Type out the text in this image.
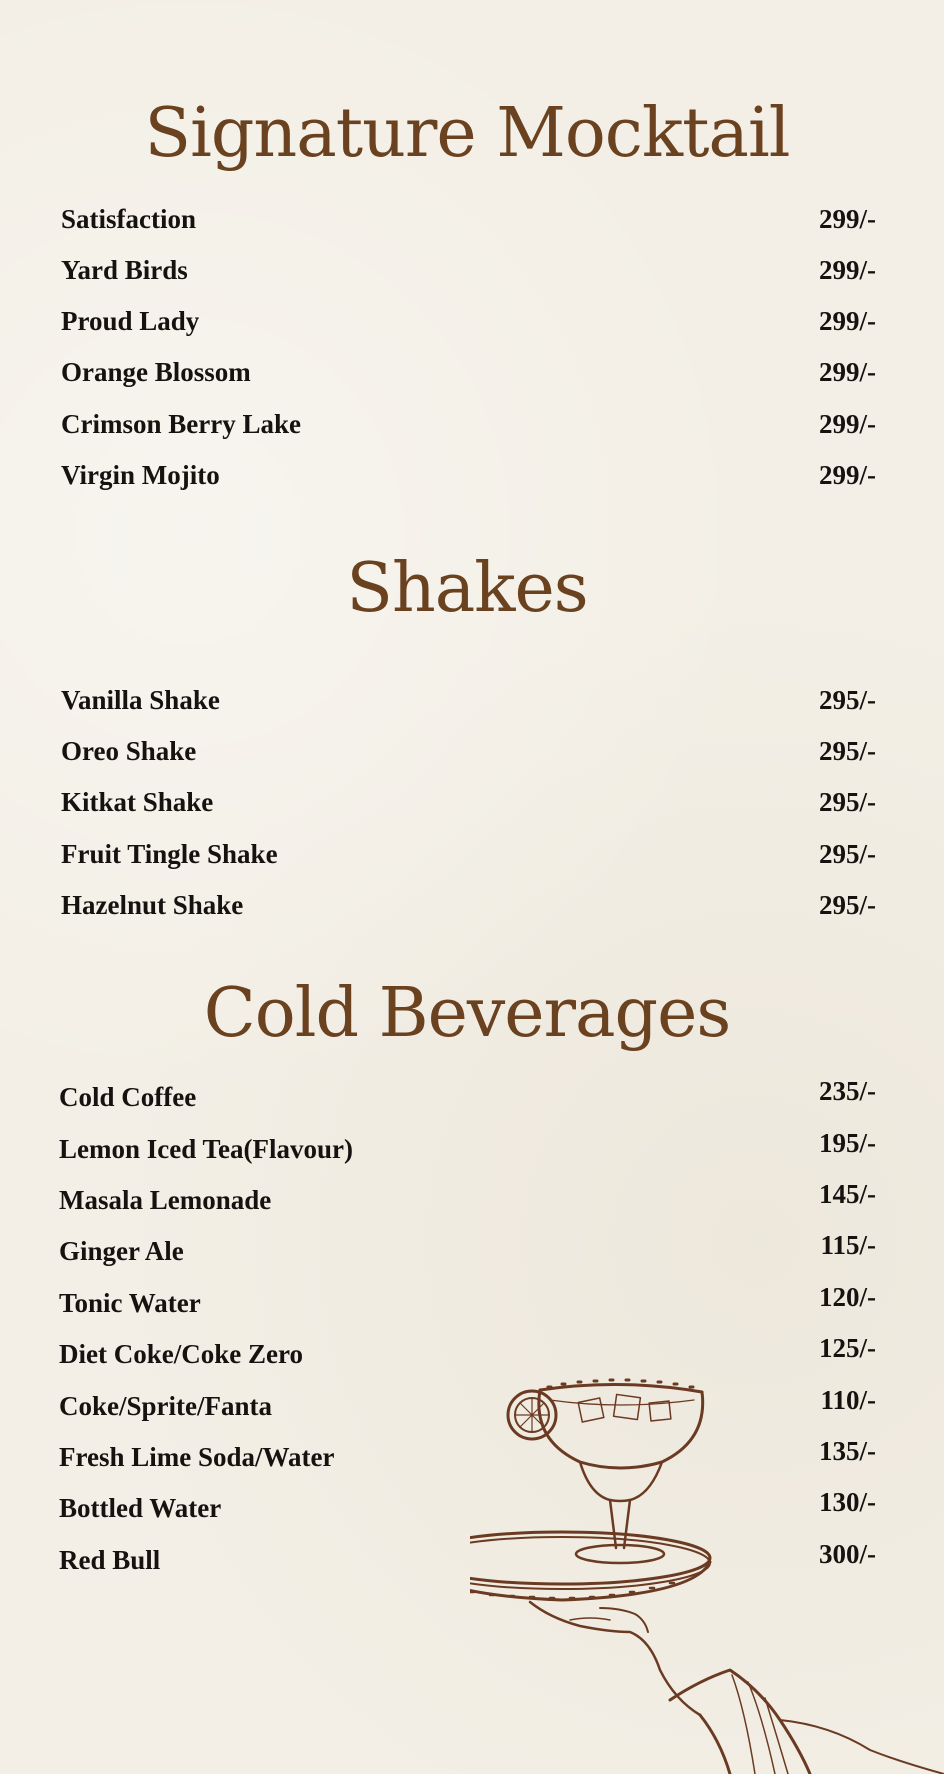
Signature Mocktail
Satisfaction	299/-
Yard Birds	299/-
Proud Lady	299/-
Orange Blossom	299/-
Crimson Berry Lake	299/-
Virgin Mojito	299/-
Shakes
Vanilla Shake	295/-
Oreo Shake	295/-
Kitkat Shake	295/-
Fruit Tingle Shake	295/-
Hazelnut Shake	295/-
Cold Beverages
Cold Coffee	235/-
Lemon Iced Tea(Flavour)	195/-
Masala Lemonade	145/-
Ginger Ale	115/-
Tonic Water	120/-
Diet Coke/Coke Zero	125/-
Coke/Sprite/Fanta	110/-
Fresh Lime Soda/Water	135/-
Bottled Water	130/-
Red Bull	300/-
